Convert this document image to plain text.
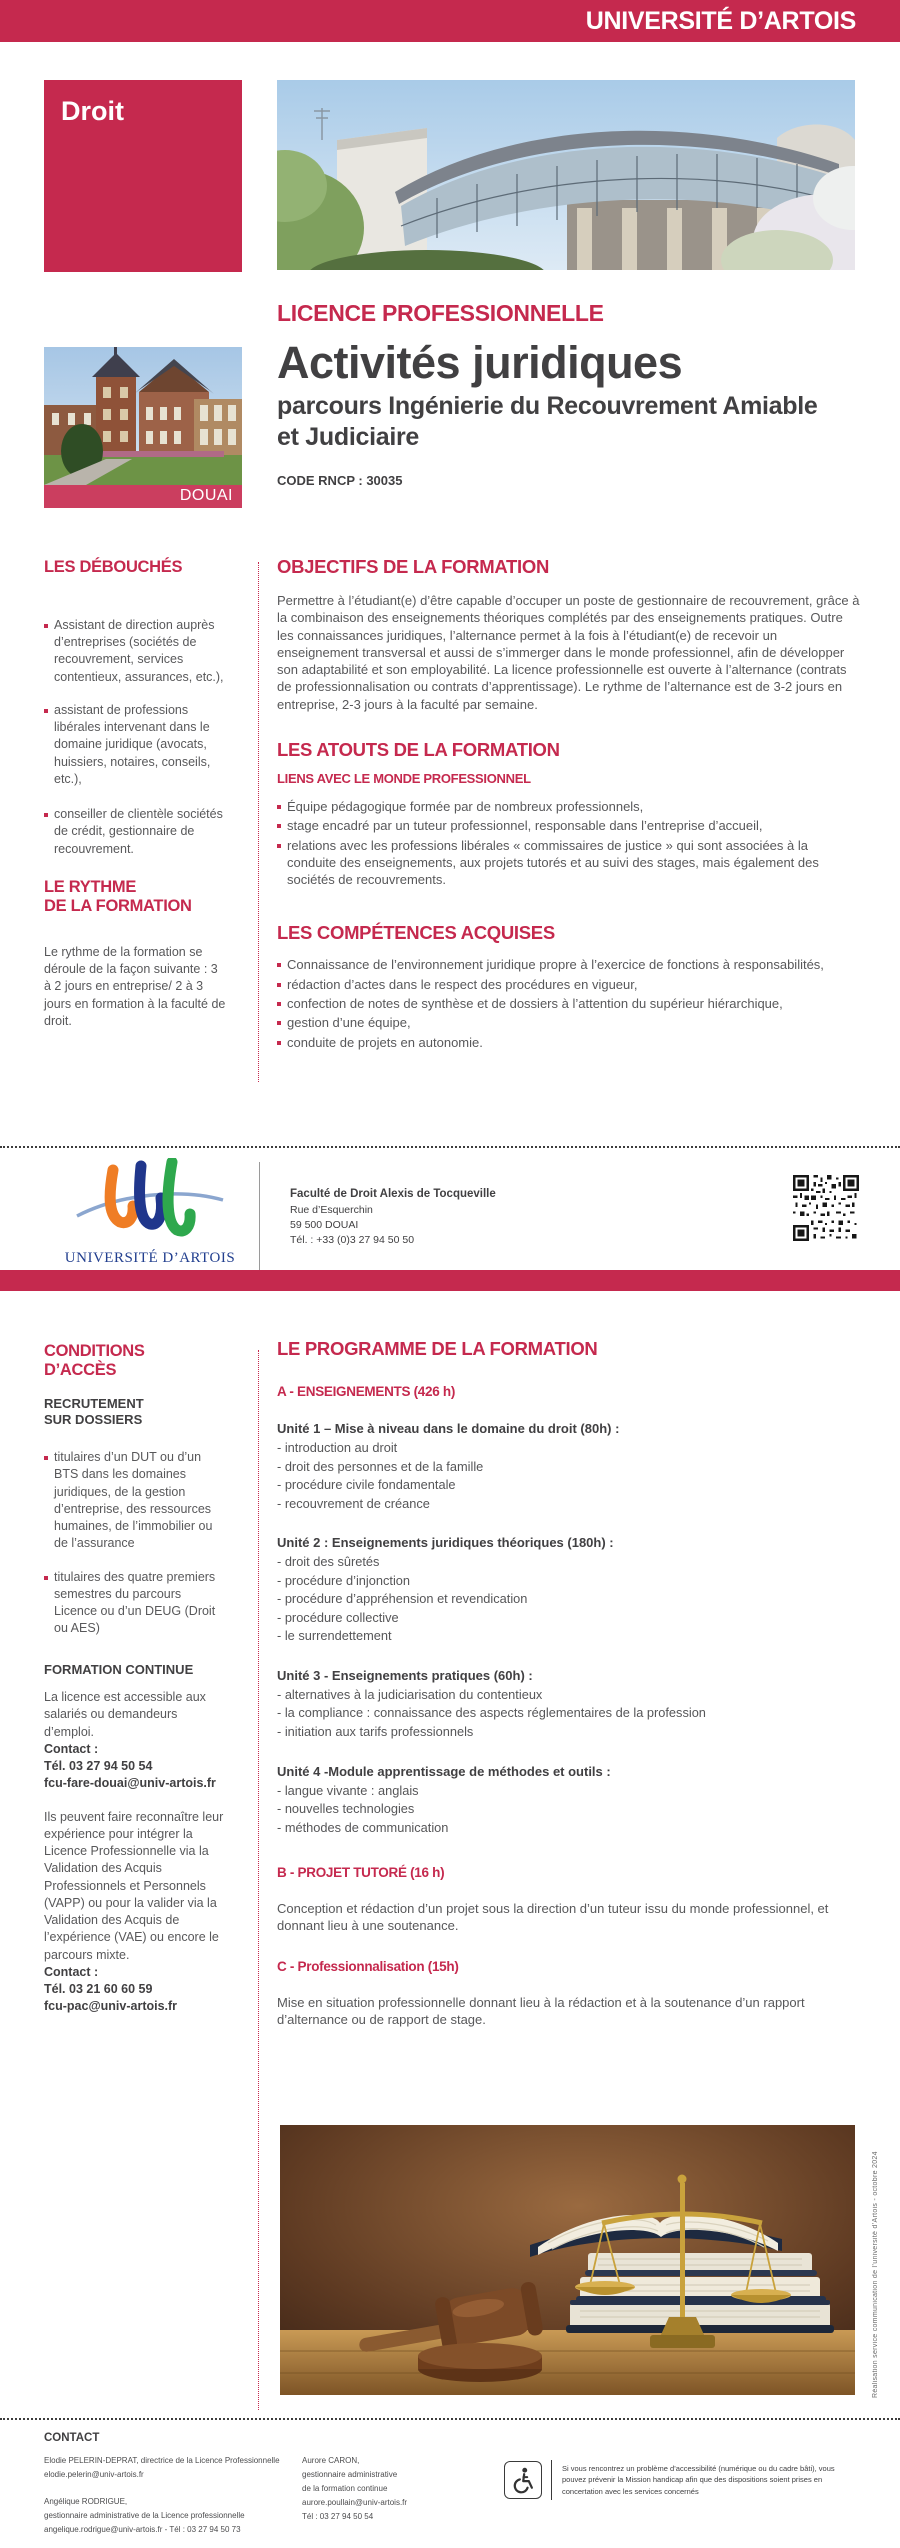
UNIVERSITÉ D’ARTOIS
Droit
DOUAI
LICENCE PROFESSIONNELLE
Activités juridiques
parcours Ingénierie du Recouvrement Amiable
et Judiciaire
CODE RNCP : 30035
LES DÉBOUCHÉS

Assistant de direction auprès d’entreprises (sociétés de recouvrement, services contentieux, assurances, etc.),

assistant de professions libérales intervenant dans le domaine juridique (avocats, huissiers, notaires, conseils, etc.),

conseiller de clientèle sociétés de crédit, gestionnaire de recouvrement.

LE RYTHME
DE LA FORMATION

Le rythme de la formation se déroule de la façon suivante : 3 à 2 jours en entreprise/ 2 à 3 jours en formation à la faculté de droit.

OBJECTIFS DE LA FORMATION

Permettre à l’étudiant(e) d’être capable d’occuper un poste de gestionnaire de recouvrement, grâce à la combinaison des enseignements théoriques complétés par des enseignements pratiques. Outre les connaissances juridiques, l’alternance permet à la fois à l’étudiant(e) de recevoir un enseignement transversal et aussi de s’immerger dans le monde professionnel, afin de développer son adaptabilité et son employabilité. La licence professionnelle est ouverte à l’alternance (contrats de professionnalisation ou contrats d’apprentissage). Le rythme de l’alternance est de 3-2 jours en entreprise, 2-3 jours à la faculté par semaine.

LES ATOUTS DE LA FORMATION
LIENS AVEC LE MONDE PROFESSIONNEL

Équipe pédagogique formée par de nombreux professionnels,

stage encadré par un tuteur professionnel, responsable dans l’entreprise d’accueil,

relations avec les professions libérales « commissaires de justice » qui sont associées à la conduite des enseignements, aux projets tutorés et au suivi des stages, mais également des sociétés de recouvrements.

LES COMPÉTENCES ACQUISES

Connaissance de l’environnement juridique propre à l’exercice de fonctions à responsabilités,

rédaction d’actes dans le respect des procédures en vigueur,

confection de notes de synthèse et de dossiers à l’attention du supérieur hiérarchique,

gestion d’une équipe,

conduite de projets en autonomie.

UNIVERSITÉ D’ARTOIS
Faculté de Droit Alexis de Tocqueville
Rue d’Esquerchin
59 500 DOUAI
Tél. : +33 (0)3 27 94 50 50
CONDITIONS
D’ACCÈS
RECRUTEMENT
SUR DOSSIERS

titulaires d’un DUT ou d’un BTS dans les domaines juridiques, de la gestion d’entreprise, des ressources humaines, de l’immobilier ou de l’assurance

titulaires des quatre premiers semestres du parcours Licence ou d’un DEUG (Droit ou AES)

FORMATION CONTINUE

La licence est accessible aux salariés ou demandeurs d’emploi.

Contact :
Tél. 03 27 94 50 54
fcu-fare-douai@univ-artois.fr

Ils peuvent faire reconnaître leur expérience pour intégrer la Licence Professionnelle via la Validation des Acquis Professionnels et Personnels (VAPP) ou pour la valider via la Validation des Acquis de l’expérience (VAE) ou encore le parcours mixte.

Contact :
Tél. 03 21 60 60 59
fcu-pac@univ-artois.fr
LE PROGRAMME DE LA FORMATION
A - ENSEIGNEMENTS (426 h)
Unité 1 – Mise à niveau dans le domaine du droit (80h) :
- introduction au droit
- droit des personnes et de la famille
- procédure civile fondamentale
- recouvrement de créance
Unité 2 : Enseignements juridiques théoriques (180h) :
- droit des sûretés
- procédure d’injonction
- procédure d’appréhension et revendication
- procédure collective
- le surrendettement
Unité 3 - Enseignements pratiques (60h) :
- alternatives à la judiciarisation du contentieux
- la compliance : connaissance des aspects réglementaires de la profession
- initiation aux tarifs professionnels
Unité 4 -Module apprentissage de méthodes et outils :
- langue vivante : anglais
- nouvelles technologies
- méthodes de communication
B - PROJET TUTORÉ (16 h)

Conception et rédaction d’un projet sous la direction d’un tuteur issu du monde professionnel, et donnant lieu à une soutenance.

C - Professionnalisation (15h)

Mise en situation professionnelle donnant lieu à la rédaction et à la soutenance d’un rapport d’alternance ou de rapport de stage.

Réalisation service communication de l’université d’Artois - octobre 2024
CONTACT
Elodie PELERIN-DEPRAT, directrice de la Licence Professionnelle
elodie.pelerin@univ-artois.fr
Angélique RODRIGUE,
gestionnaire administrative de la Licence professionnelle
angelique.rodrigue@univ-artois.fr - Tél : 03 27 94 50 73
Aurore CARON,
gestionnaire administrative
de la formation continue
aurore.poullain@univ-artois.fr
Tél : 03 27 94 50 54

Si vous rencontrez un problème d’accessibilité (numérique ou du cadre bâti), vous pouvez prévenir la Mission handicap afin que des dispositions soient prises en concertation avec les services concernés
